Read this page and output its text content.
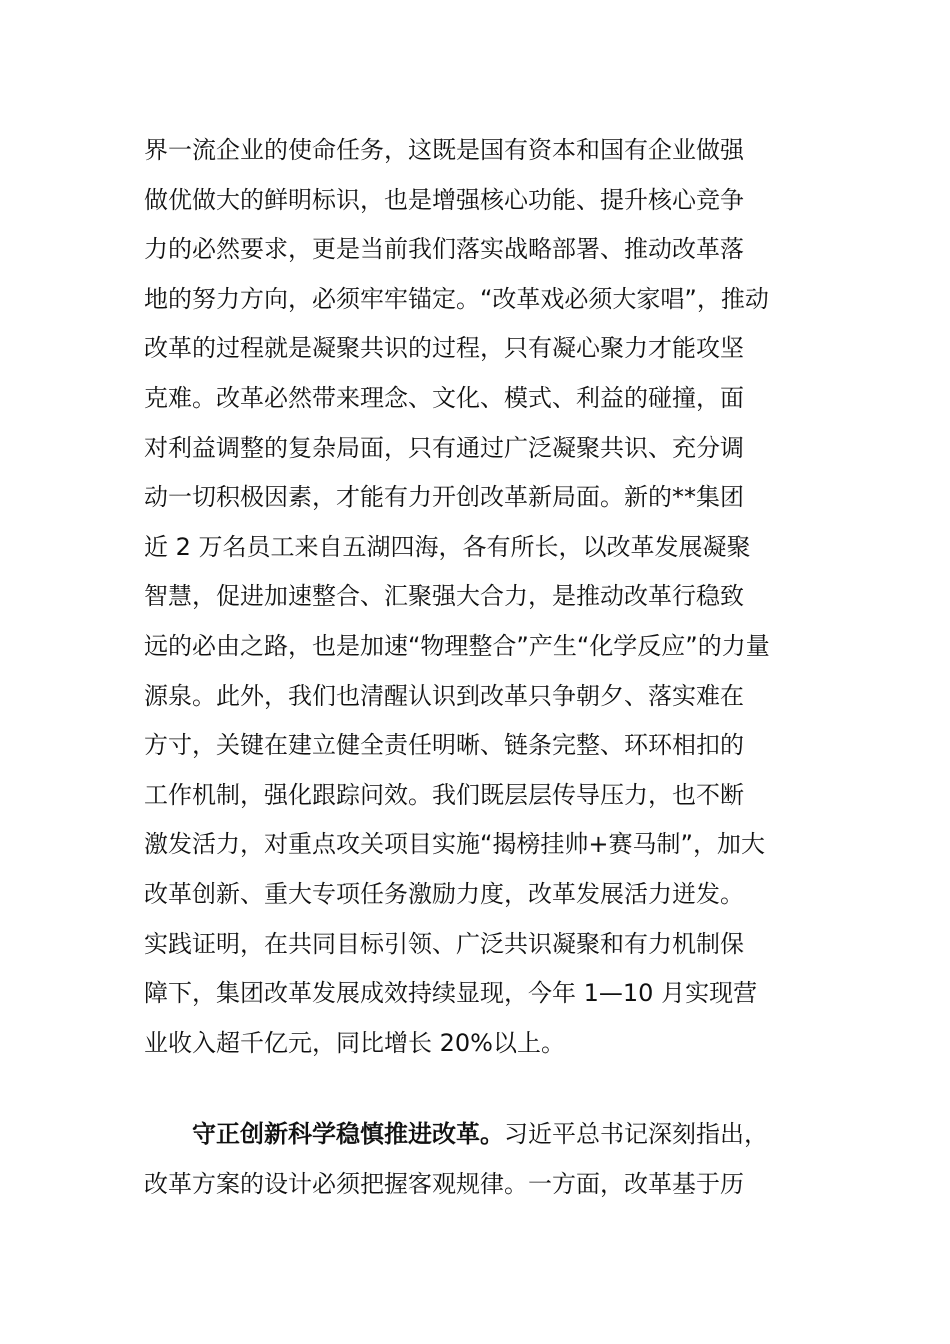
界一流企业的使命任务，这既是国有资本和国有企业做强
做优做大的鲜明标识，也是增强核心功能、提升核心竞争
力的必然要求，更是当前我们落实战略部署、推动改革落
地的努力方向，必须牢牢锚定。“改革戏必须大家唱”，推动
改革的过程就是凝聚共识的过程，只有凝心聚力才能攻坚
克难。改革必然带来理念、文化、模式、利益的碰撞，面
对利益调整的复杂局面，只有通过广泛凝聚共识、充分调
动一切积极因素，才能有力开创改革新局面。新的**集团
近 2 万名员工来自五湖四海，各有所长，以改革发展凝聚
智慧，促进加速整合、汇聚强大合力，是推动改革行稳致
远的必由之路，也是加速“物理整合”产生“化学反应”的力量
源泉。此外，我们也清醒认识到改革只争朝夕、落实难在
方寸，关键在建立健全责任明晰、链条完整、环环相扣的
工作机制，强化跟踪问效。我们既层层传导压力，也不断
激发活力，对重点攻关项目实施“揭榜挂帅+赛马制”，加大
改革创新、重大专项任务激励力度，改革发展活力迸发。
实践证明，在共同目标引领、广泛共识凝聚和有力机制保
障下，集团改革发展成效持续显现，今年 1—10 月实现营
业收入超千亿元，同比增长 20%以上。
守正创新科学稳慎推进改革。习近平总书记深刻指出，
改革方案的设计必须把握客观规律。一方面，改革基于历
